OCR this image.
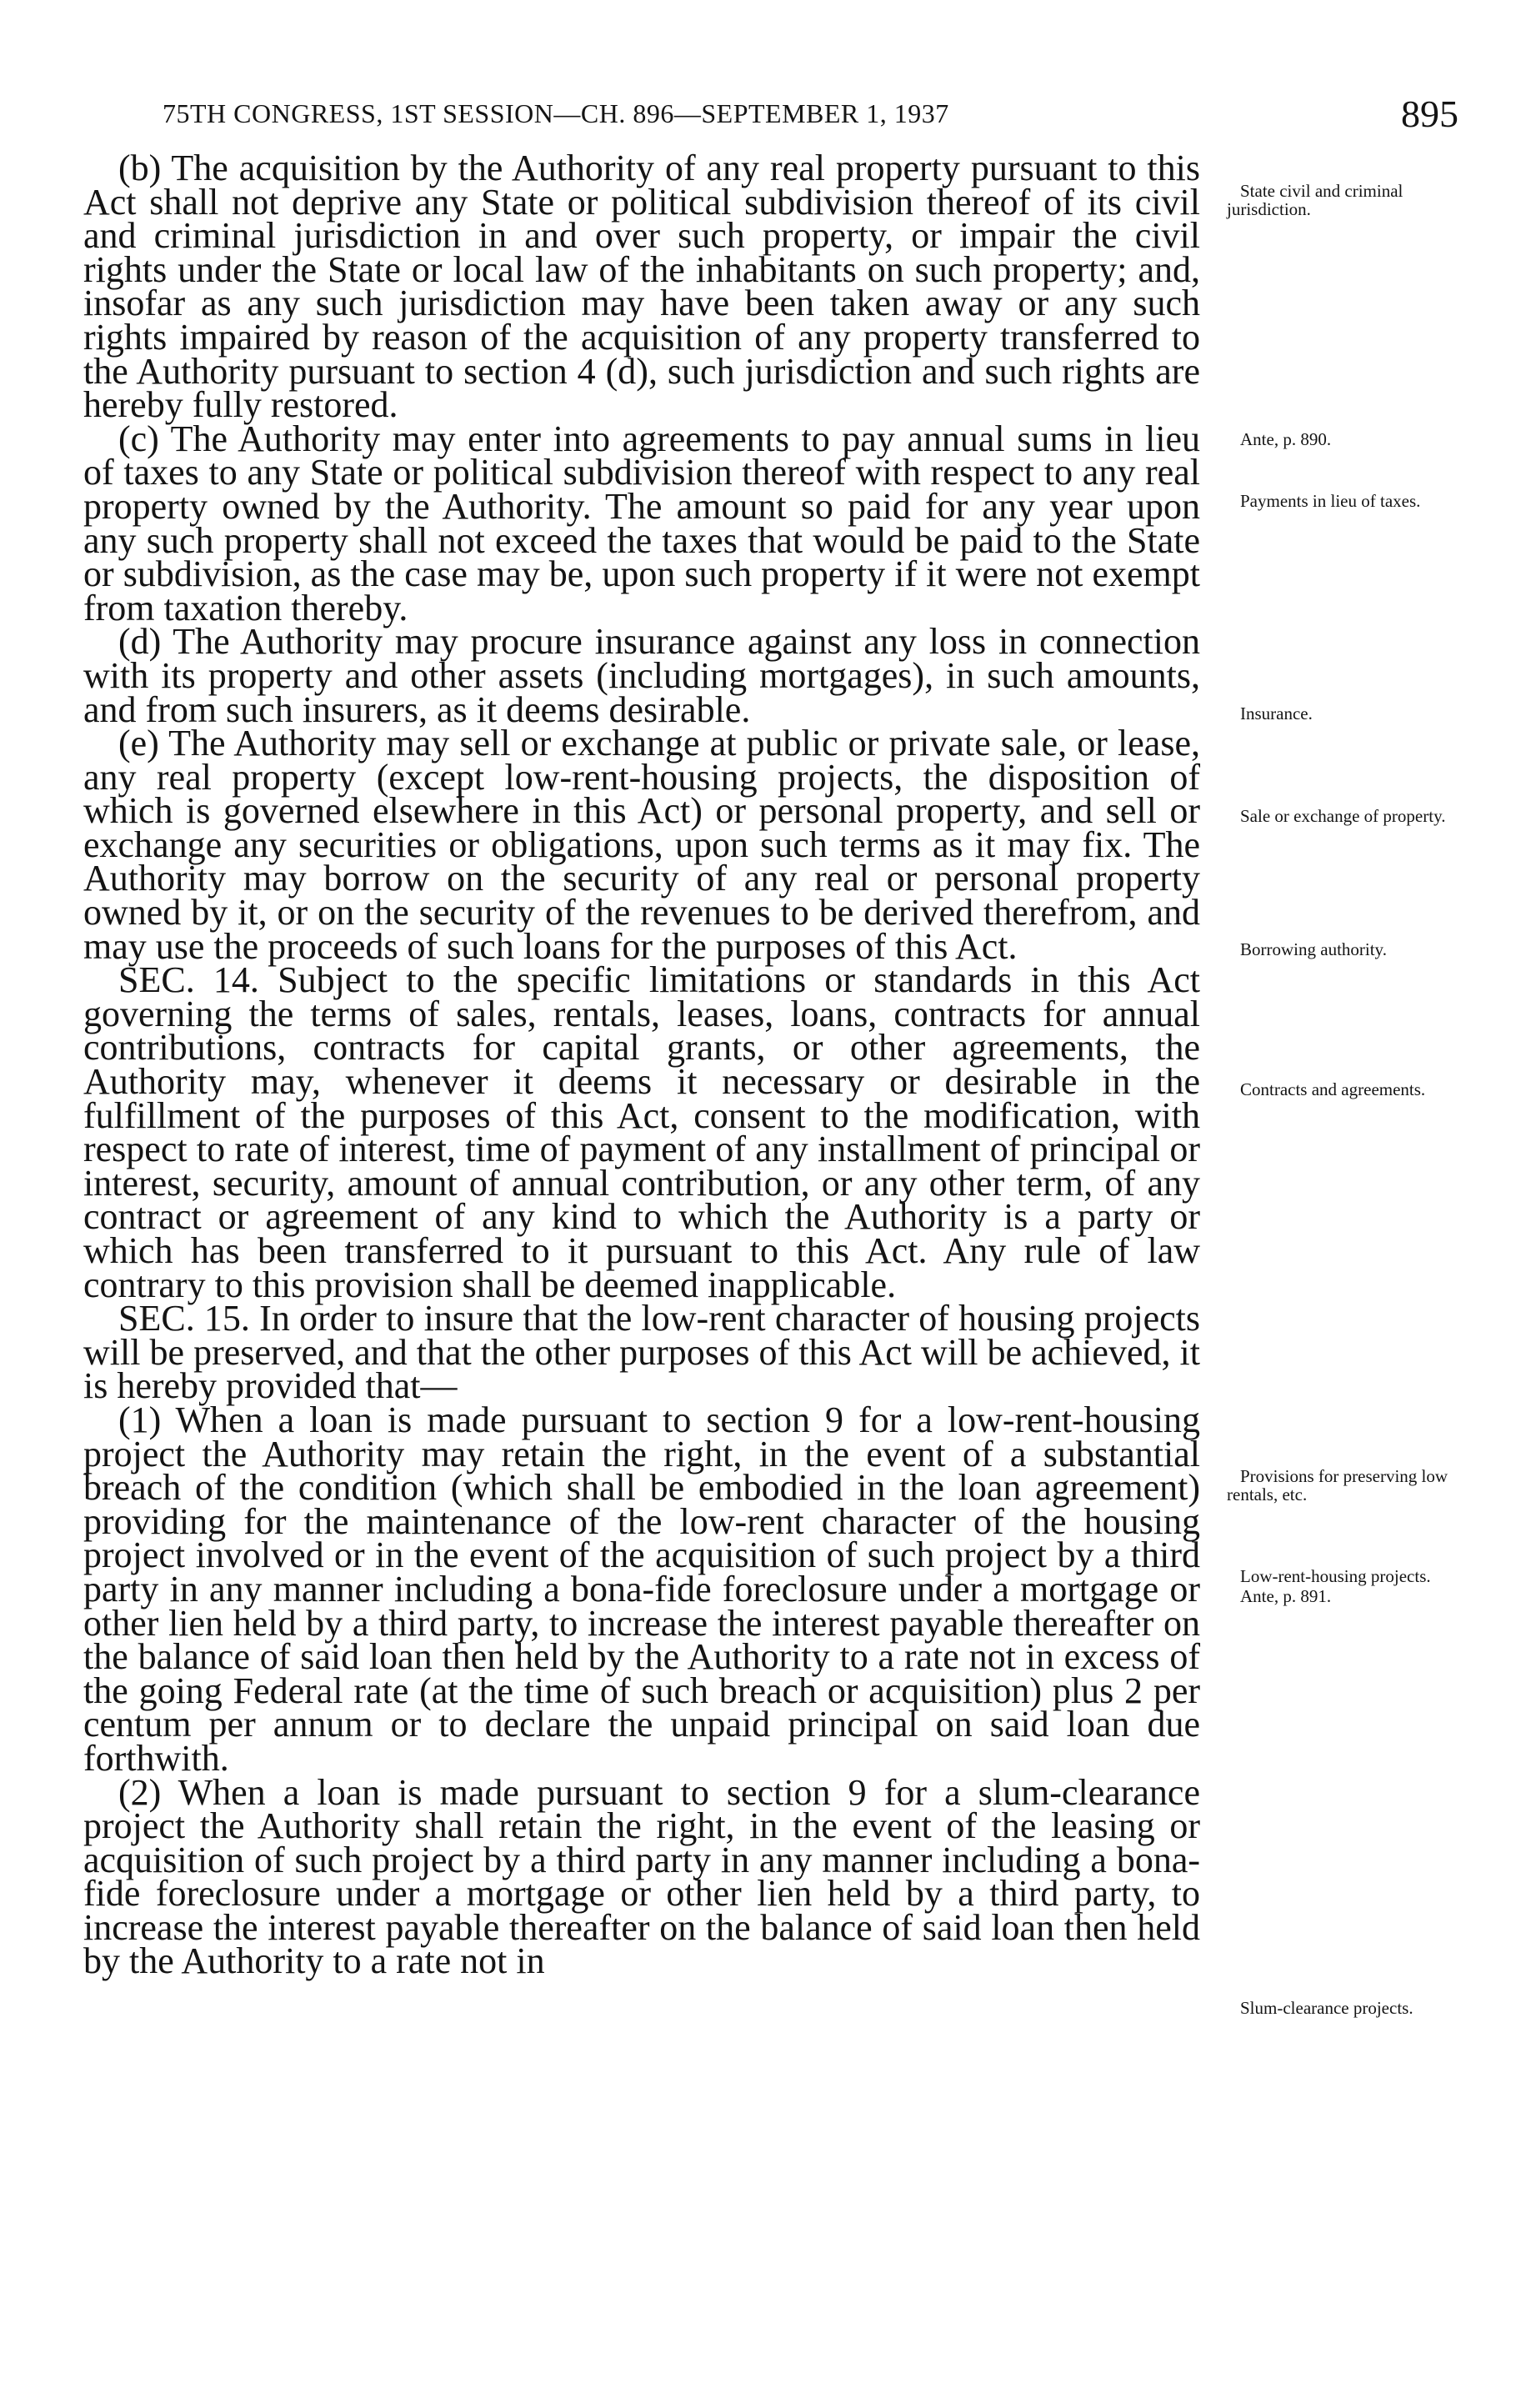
75TH CONGRESS, 1ST SESSION—CH. 896—SEPTEMBER 1, 1937	895

(b) The acquisition by the Authority of any real property pursuant to this Act shall not deprive any State or political subdivision thereof of its civil and criminal jurisdiction in and over such property, or impair the civil rights under the State or local law of the inhabitants on such property; and, insofar as any such jurisdiction may have been taken away or any such rights impaired by reason of the acquisition of any property transferred to the Authority pursuant to section 4 (d), such jurisdiction and such rights are hereby fully restored.

(c) The Authority may enter into agreements to pay annual sums in lieu of taxes to any State or political subdivision thereof with respect to any real property owned by the Authority. The amount so paid for any year upon any such property shall not exceed the taxes that would be paid to the State or subdivision, as the case may be, upon such property if it were not exempt from taxation thereby.

(d) The Authority may procure insurance against any loss in connection with its property and other assets (including mortgages), in such amounts, and from such insurers, as it deems desirable.

(e) The Authority may sell or exchange at public or private sale, or lease, any real property (except low-rent-housing projects, the disposition of which is governed elsewhere in this Act) or personal property, and sell or exchange any securities or obligations, upon such terms as it may fix. The Authority may borrow on the security of any real or personal property owned by it, or on the security of the revenues to be derived therefrom, and may use the proceeds of such loans for the purposes of this Act.

SEC. 14. Subject to the specific limitations or standards in this Act governing the terms of sales, rentals, leases, loans, contracts for annual contributions, contracts for capital grants, or other agreements, the Authority may, whenever it deems it necessary or desirable in the fulfillment of the purposes of this Act, consent to the modification, with respect to rate of interest, time of payment of any installment of principal or interest, security, amount of annual contribution, or any other term, of any contract or agreement of any kind to which the Authority is a party or which has been transferred to it pursuant to this Act. Any rule of law contrary to this provision shall be deemed inapplicable.

SEC. 15. In order to insure that the low-rent character of housing projects will be preserved, and that the other purposes of this Act will be achieved, it is hereby provided that—

(1) When a loan is made pursuant to section 9 for a low-rent-housing project the Authority may retain the right, in the event of a substantial breach of the condition (which shall be embodied in the loan agreement) providing for the maintenance of the low-rent character of the housing project involved or in the event of the acquisition of such project by a third party in any manner including a bona-fide foreclosure under a mortgage or other lien held by a third party, to increase the interest payable thereafter on the balance of said loan then held by the Authority to a rate not in excess of the going Federal rate (at the time of such breach or acquisition) plus 2 per centum per annum or to declare the unpaid principal on said loan due forthwith.

(2) When a loan is made pursuant to section 9 for a slum-clearance project the Authority shall retain the right, in the event of the leasing or acquisition of such project by a third party in any manner including a bona-fide foreclosure under a mortgage or other lien held by a third party, to increase the interest payable thereafter on the balance of said loan then held by the Authority to a rate not in

State civil and criminal jurisdiction.
Ante, p. 890.
Payments in lieu of taxes.
Insurance.
Sale or exchange of property.
Borrowing authority.
Contracts and agreements.
Provisions for preserving low rentals, etc.
Low-rent-housing projects.
Ante, p. 891.
Slum-clearance projects.
